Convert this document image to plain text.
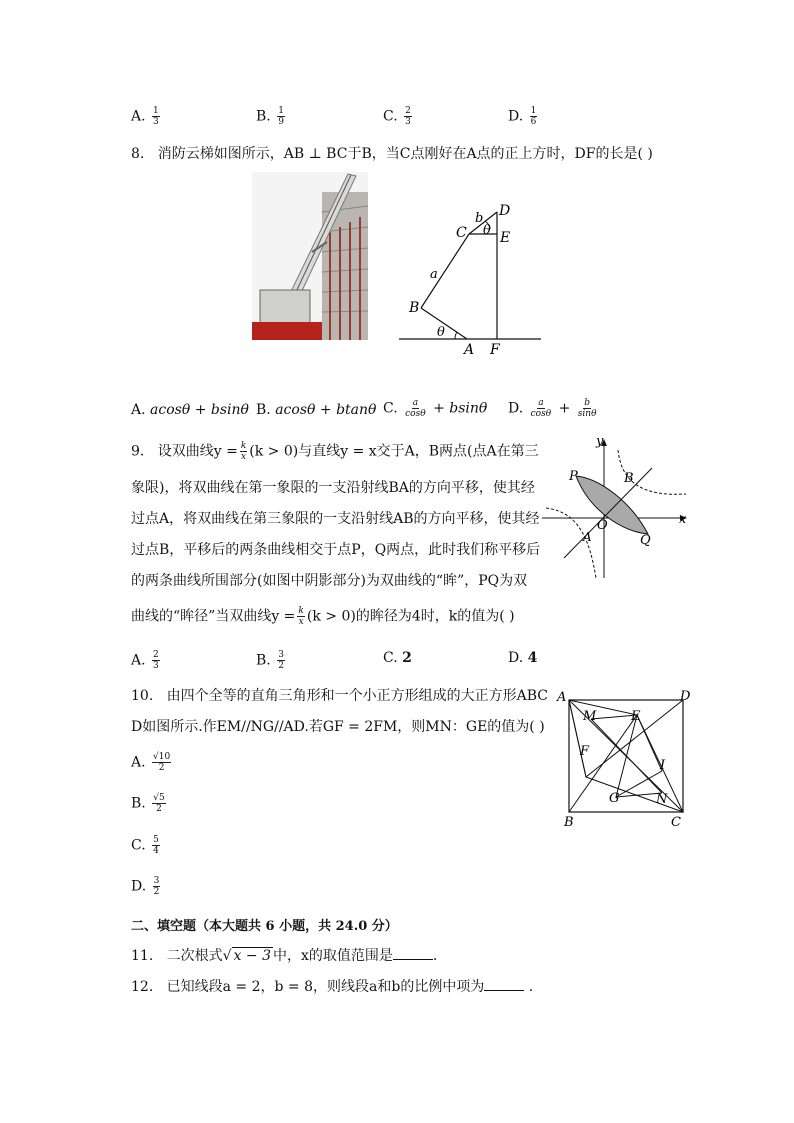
A. $\frac{1}{3}$	B. $\frac{1}{9}$	C. $\frac{2}{3}$	D. $\frac{1}{6}$
8. 消防云梯如图所示，AB ⊥ BC于B，当C点刚好在A点的正上方时，DF的长是( )
D
C
b
θ E
a
B
θ
A F
A. acosθ + bsinθ B. acosθ + btanθ C. $\frac{a}{\cos\theta} + bsin\theta$ D. $\frac{a}{\cos\theta} + \frac{b}{\sin\theta}$
9. 设双曲线$y = \frac{k}{x} (k > 0)$与直线y = x交于A，B两点(点A在第三
象限)，将双曲线在第一象限的一支沿射线BA的方向平移，使其经
过点A，将双曲线在第三象限的一支沿射线AB的方向平移，使其经
过点B，平移后的两条曲线相交于点P，Q两点，此时我们称平移后
的两条曲线所围部分(如图中阴影部分)为双曲线的“眸”，PQ为双
曲线的“眸径”当双曲线$y = \frac{k}{x} (k > 0)$的眸径为4时，k的值为( )
y
x
P	B
O
A	Q
A. $\frac{2}{3}$	B. $\frac{3}{2}$	C. 2	D. 4
10. 由四个全等的直角三角形和一个小正方形组成的大正方形ABC
D如图所示.作EM//NG//AD.若GF = 2FM，则MN：GE的值为( )
A	D
M	E
F
I
G	N
B	C
A. $\frac{√10}{2}$
B. $\frac{√5}{2}$
C. $\frac{5}{4}$
D. $\frac{3}{2}$
二、填空题（本大题共 6 小题，共 24.0 分）
11. 二次根式√ x − 3 中，x的取值范围是	.
12. 已知线段a = 2，b = 8，则线段a和b的比例中项为	.
